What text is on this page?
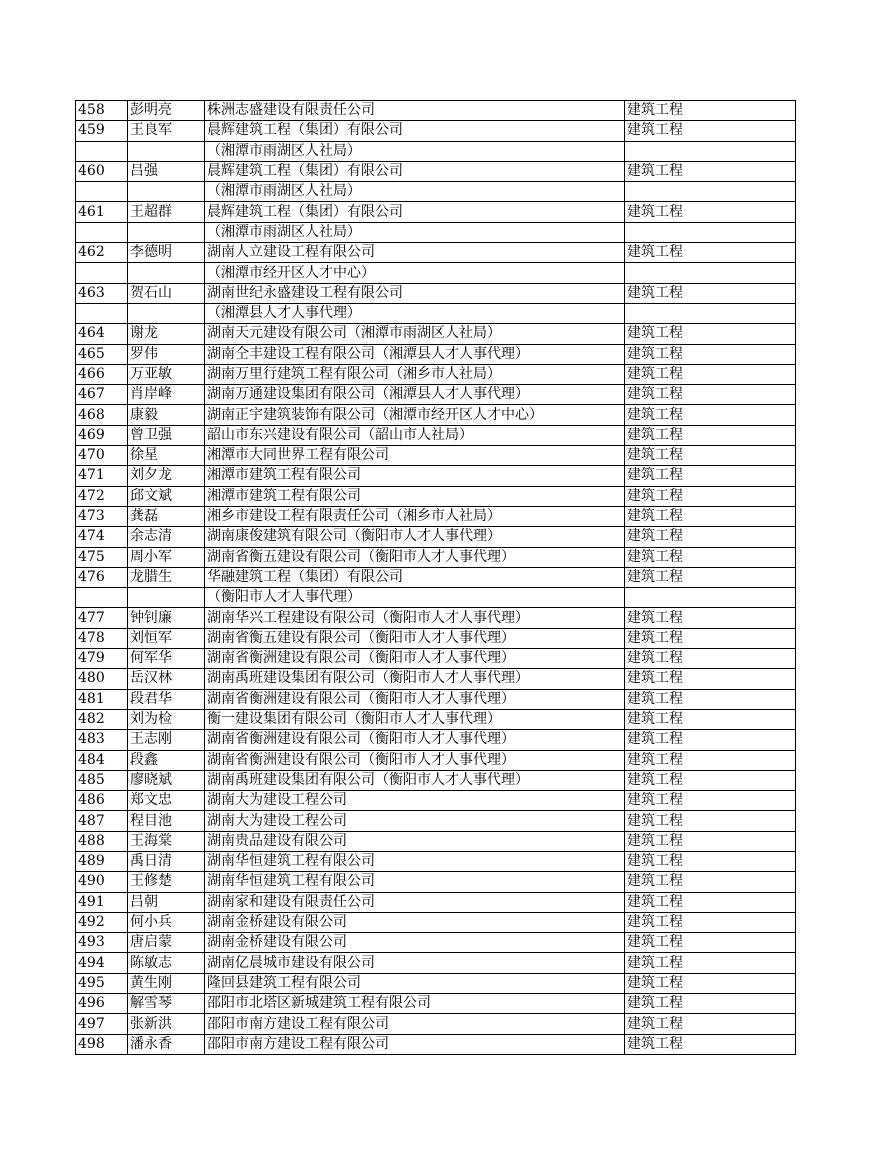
458	彭明亮	株洲志盛建设有限责任公司	建筑工程
459	王良军	晨辉建筑工程（集团）有限公司	建筑工程
		（湘潭市雨湖区人社局）	
460	吕强	晨辉建筑工程（集团）有限公司	建筑工程
		（湘潭市雨湖区人社局）	
461	王超群	晨辉建筑工程（集团）有限公司	建筑工程
		（湘潭市雨湖区人社局）	
462	李德明	湖南人立建设工程有限公司	建筑工程
		（湘潭市经开区人才中心）	
463	贺石山	湖南世纪永盛建设工程有限公司	建筑工程
		（湘潭县人才人事代理）	
464	谢龙	湖南天元建设有限公司（湘潭市雨湖区人社局）	建筑工程
465	罗伟	湖南仝丰建设工程有限公司（湘潭县人才人事代理）	建筑工程
466	万亚敏	湖南万里行建筑工程有限公司（湘乡市人社局）	建筑工程
467	肖岸峰	湖南万通建设集团有限公司（湘潭县人才人事代理）	建筑工程
468	康毅	湖南正宇建筑装饰有限公司（湘潭市经开区人才中心）	建筑工程
469	曾卫强	韶山市东兴建设有限公司（韶山市人社局）	建筑工程
470	徐星	湘潭市大同世界工程有限公司	建筑工程
471	刘夕龙	湘潭市建筑工程有限公司	建筑工程
472	邱文斌	湘潭市建筑工程有限公司	建筑工程
473	龚磊	湘乡市建设工程有限责任公司（湘乡市人社局）	建筑工程
474	余志清	湖南康俊建筑有限公司（衡阳市人才人事代理）	建筑工程
475	周小军	湖南省衡五建设有限公司（衡阳市人才人事代理）	建筑工程
476	龙腊生	华融建筑工程（集团）有限公司	建筑工程
		（衡阳市人才人事代理）	
477	钟钊廉	湖南华兴工程建设有限公司（衡阳市人才人事代理）	建筑工程
478	刘恒军	湖南省衡五建设有限公司（衡阳市人才人事代理）	建筑工程
479	何军华	湖南省衡洲建设有限公司（衡阳市人才人事代理）	建筑工程
480	岳汉林	湖南禹班建设集团有限公司（衡阳市人才人事代理）	建筑工程
481	段君华	湖南省衡洲建设有限公司（衡阳市人才人事代理）	建筑工程
482	刘为检	衡一建设集团有限公司（衡阳市人才人事代理）	建筑工程
483	王志刚	湖南省衡洲建设有限公司（衡阳市人才人事代理）	建筑工程
484	段鑫	湖南省衡洲建设有限公司（衡阳市人才人事代理）	建筑工程
485	廖晓斌	湖南禹班建设集团有限公司（衡阳市人才人事代理）	建筑工程
486	郑文忠	湖南大为建设工程公司	建筑工程
487	程目池	湖南大为建设工程公司	建筑工程
488	王海棠	湖南贵品建设有限公司	建筑工程
489	禹日清	湖南华恒建筑工程有限公司	建筑工程
490	王修楚	湖南华恒建筑工程有限公司	建筑工程
491	吕朝	湖南家和建设有限责任公司	建筑工程
492	何小兵	湖南金桥建设有限公司	建筑工程
493	唐启蒙	湖南金桥建设有限公司	建筑工程
494	陈敏志	湖南亿晨城市建设有限公司	建筑工程
495	黄生刚	隆回县建筑工程有限公司	建筑工程
496	解雪琴	邵阳市北塔区新城建筑工程有限公司	建筑工程
497	张新洪	邵阳市南方建设工程有限公司	建筑工程
498	潘永香	邵阳市南方建设工程有限公司	建筑工程
